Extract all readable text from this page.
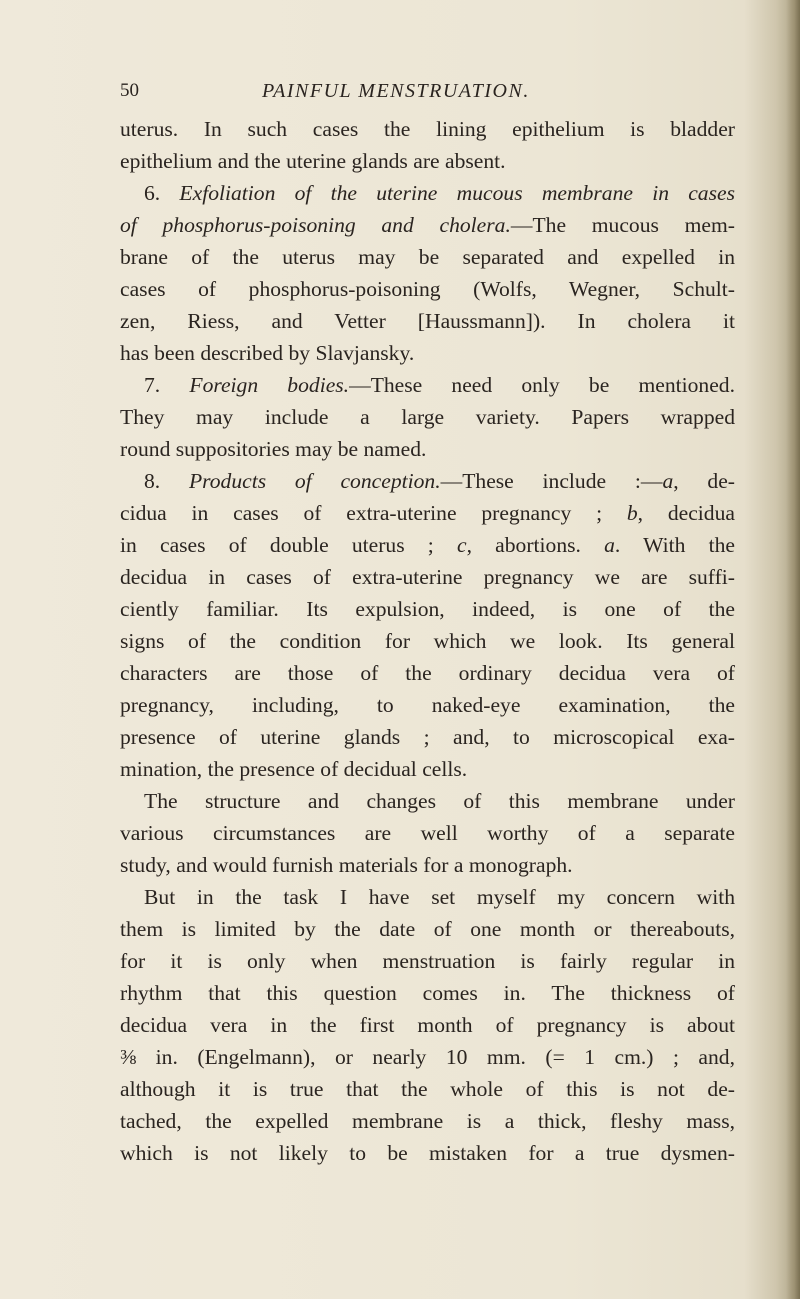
50	PAINFUL MENSTRUATION.
uterus. In such cases the lining epithelium is bladder
epithelium and the uterine glands are absent.
6. Exfoliation of the uterine mucous membrane in cases
of phosphorus-poisoning and cholera.—The mucous mem-
brane of the uterus may be separated and expelled in
cases of phosphorus-poisoning (Wolfs, Wegner, Schult-
zen, Riess, and Vetter [Haussmann]). In cholera it
has been described by Slavjansky.
7. Foreign bodies.—These need only be mentioned.
They may include a large variety. Papers wrapped
round suppositories may be named.
8. Products of conception.—These include :—a, de-
cidua in cases of extra-uterine pregnancy ; b, decidua
in cases of double uterus ; c, abortions. a. With the
decidua in cases of extra-uterine pregnancy we are suffi-
ciently familiar. Its expulsion, indeed, is one of the
signs of the condition for which we look. Its general
characters are those of the ordinary decidua vera of
pregnancy, including, to naked-eye examination, the
presence of uterine glands ; and, to microscopical exa-
mination, the presence of decidual cells.
The structure and changes of this membrane under
various circumstances are well worthy of a separate
study, and would furnish materials for a monograph.
But in the task I have set myself my concern with
them is limited by the date of one month or thereabouts,
for it is only when menstruation is fairly regular in
rhythm that this question comes in. The thickness of
decidua vera in the first month of pregnancy is about
⅜ in. (Engelmann), or nearly 10 mm. (= 1 cm.) ; and,
although it is true that the whole of this is not de-
tached, the expelled membrane is a thick, fleshy mass,
which is not likely to be mistaken for a true dysmen-
